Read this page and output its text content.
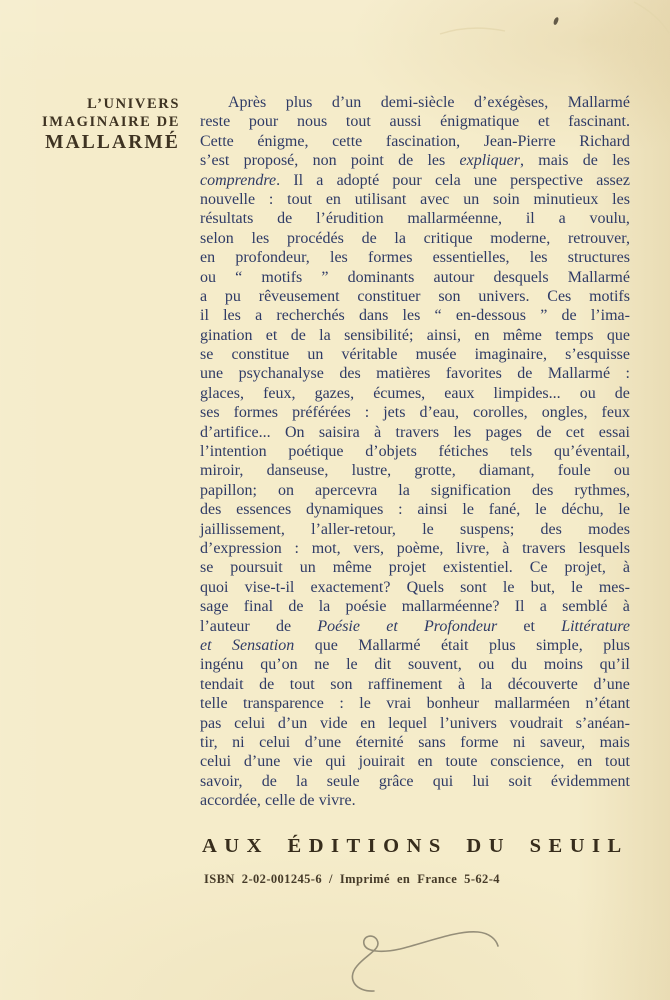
L’UNIVERS
IMAGINAIRE DE
MALLARMÉ
Après plus d’un demi-siècle d’exégèses, Mallarmé
reste pour nous tout aussi énigmatique et fascinant.
Cette énigme, cette fascination, Jean-Pierre Richard
s’est proposé, non point de les expliquer, mais de les
comprendre. Il a adopté pour cela une perspective assez
nouvelle : tout en utilisant avec un soin minutieux les
résultats de l’érudition mallarméenne, il a voulu,
selon les procédés de la critique moderne, retrouver,
en profondeur, les formes essentielles, les structures
ou “ motifs ” dominants autour desquels Mallarmé
a pu rêveusement constituer son univers. Ces motifs
il les a recherchés dans les “ en-dessous ” de l’ima-
gination et de la sensibilité; ainsi, en même temps que
se constitue un véritable musée imaginaire, s’esquisse
une psychanalyse des matières favorites de Mallarmé :
glaces, feux, gazes, écumes, eaux limpides... ou de
ses formes préférées : jets d’eau, corolles, ongles, feux
d’artifice... On saisira à travers les pages de cet essai
l’intention poétique d’objets fétiches tels qu’éventail,
miroir, danseuse, lustre, grotte, diamant, foule ou
papillon; on apercevra la signification des rythmes,
des essences dynamiques : ainsi le fané, le déchu, le
jaillissement, l’aller-retour, le suspens; des modes
d’expression : mot, vers, poème, livre, à travers lesquels
se poursuit un même projet existentiel. Ce projet, à
quoi vise-t-il exactement? Quels sont le but, le mes-
sage final de la poésie mallarméenne? Il a semblé à
l’auteur de Poésie et Profondeur et Littérature
et Sensation que Mallarmé était plus simple, plus
ingénu qu’on ne le dit souvent, ou du moins qu’il
tendait de tout son raffinement à la découverte d’une
telle transparence : le vrai bonheur mallarméen n’étant
pas celui d’un vide en lequel l’univers voudrait s’anéan-
tir, ni celui d’une éternité sans forme ni saveur, mais
celui d’une vie qui jouirait en toute conscience, en tout
savoir, de la seule grâce qui lui soit évidemment
accordée, celle de vivre.
AUX ÉDITIONS DU SEUIL
ISBN 2-02-001245-6 / Imprimé en France 5-62-4
